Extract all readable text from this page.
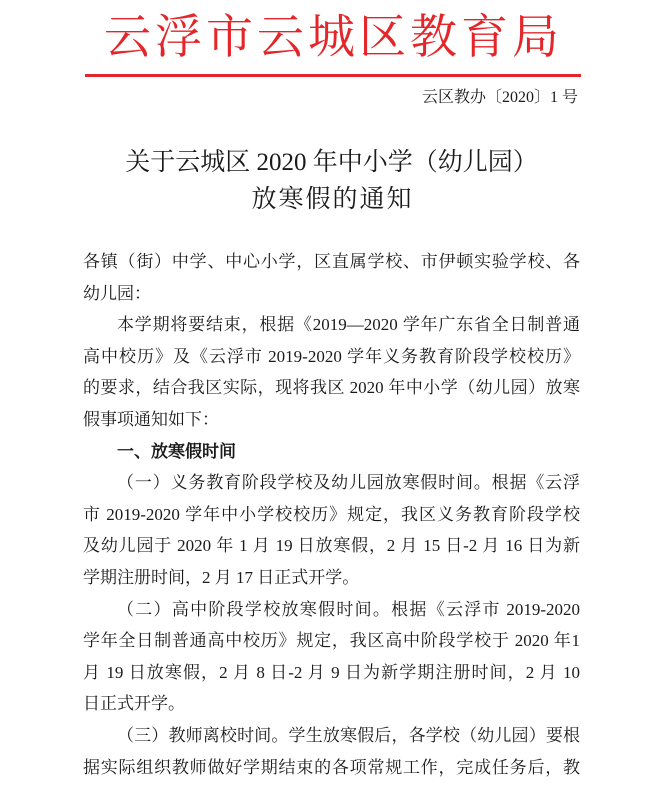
云浮市云城区教育局
云区教办〔2020〕1 号
关于云城区 2020 年中小学（幼儿园）
放寒假的通知
各镇（街）中学、中心小学，区直属学校、市伊顿实验学校、各
幼儿园：
本学期将要结束，根据《2019—2020 学年广东省全日制普通
高中校历》及《云浮市 2019-2020 学年义务教育阶段学校校历》
的要求，结合我区实际，现将我区 2020 年中小学（幼儿园）放寒
假事项通知如下：
一、放寒假时间
（一）义务教育阶段学校及幼儿园放寒假时间。根据《云浮
市 2019-2020 学年中小学校校历》规定，我区义务教育阶段学校
及幼儿园于 2020 年 1 月 19 日放寒假，2 月 15 日-2 月 16 日为新
学期注册时间，2 月 17 日正式开学。
（二）高中阶段学校放寒假时间。根据《云浮市 2019-2020
学年全日制普通高中校历》规定，我区高中阶段学校于 2020 年1
月 19 日放寒假，2 月 8 日-2 月 9 日为新学期注册时间，2 月 10
日正式开学。
（三）教师离校时间。学生放寒假后，各学校（幼儿园）要根
据实际组织教师做好学期结束的各项常规工作，完成任务后，教
